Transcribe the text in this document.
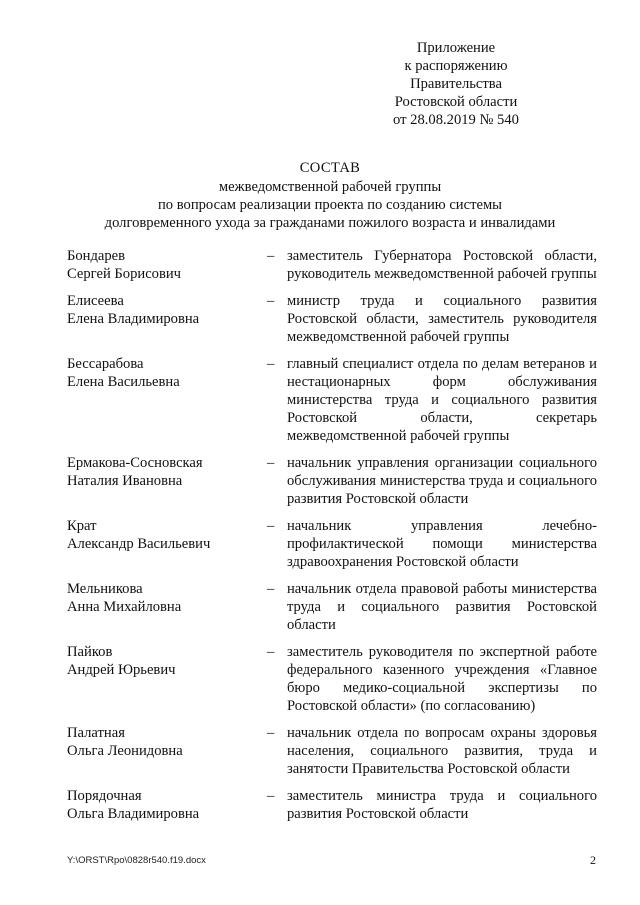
Приложение
к распоряжению
Правительства
Ростовской области
от 28.08.2019 № 540
СОСТАВ
межведомственной рабочей группы
по вопросам реализации проекта по созданию системы
долговременного ухода за гражданами пожилого возраста и инвалидами
Бондарев
Сергей Борисович
– заместитель Губернатора Ростовской области, руководитель межведомственной рабочей группы
Елисеева
Елена Владимировна
– министр труда и социального развития Ростовской области, заместитель руководителя межведомственной рабочей группы
Бессарабова
Елена Васильевна
– главный специалист отдела по делам ветеранов и нестационарных форм обслуживания министерства труда и социального развития Ростовской области, секретарь межведомственной рабочей группы
Ермакова-Сосновская
Наталия Ивановна
– начальник управления организации социального обслуживания министерства труда и социального развития Ростовской области
Крат
Александр Васильевич
– начальник управления лечебно-профилактической помощи министерства здравоохранения Ростовской области
Мельникова
Анна Михайловна
– начальник отдела правовой работы министерства труда и социального развития Ростовской области
Пайков
Андрей Юрьевич
– заместитель руководителя по экспертной работе федерального казенного учреждения «Главное бюро медико-социальной экспертизы по Ростовской области» (по согласованию)
Палатная
Ольга Леонидовна
– начальник отдела по вопросам охраны здоровья населения, социального развития, труда и занятости Правительства Ростовской области
Порядочная
Ольга Владимировна
– заместитель министра труда и социального развития Ростовской области
Y:\ORST\Rpo\0828r540.f19.docx	2
